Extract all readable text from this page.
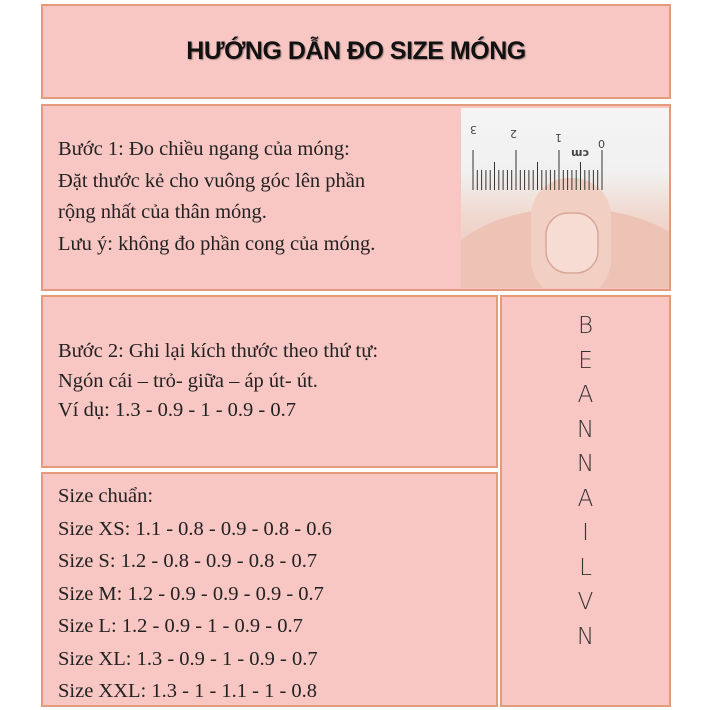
HƯỚNG DẪN ĐO SIZE MÓNG
Bước 1: Đo chiều ngang của móng:
Đặt thước kẻ cho vuông góc lên phần
rộng nhất của thân móng.
Lưu ý: không đo phần cong của móng.
3	2	1
cm
0
Bước 2: Ghi lại kích thước theo thứ tự:
Ngón cái – trỏ- giữa – áp út- út.
Ví dụ: 1.3 - 0.9 - 1 - 0.9 - 0.7
B
E
A
N
N
A
I
L
V
N
Size chuẩn:
Size XS: 1.1 - 0.8 - 0.9 - 0.8 - 0.6
Size S: 1.2 - 0.8 - 0.9 - 0.8 - 0.7
Size M: 1.2 - 0.9 - 0.9 - 0.9 - 0.7
Size L: 1.2 - 0.9 - 1 - 0.9 - 0.7
Size XL: 1.3 - 0.9 - 1 - 0.9 - 0.7
Size XXL: 1.3 - 1 - 1.1 - 1 - 0.8
